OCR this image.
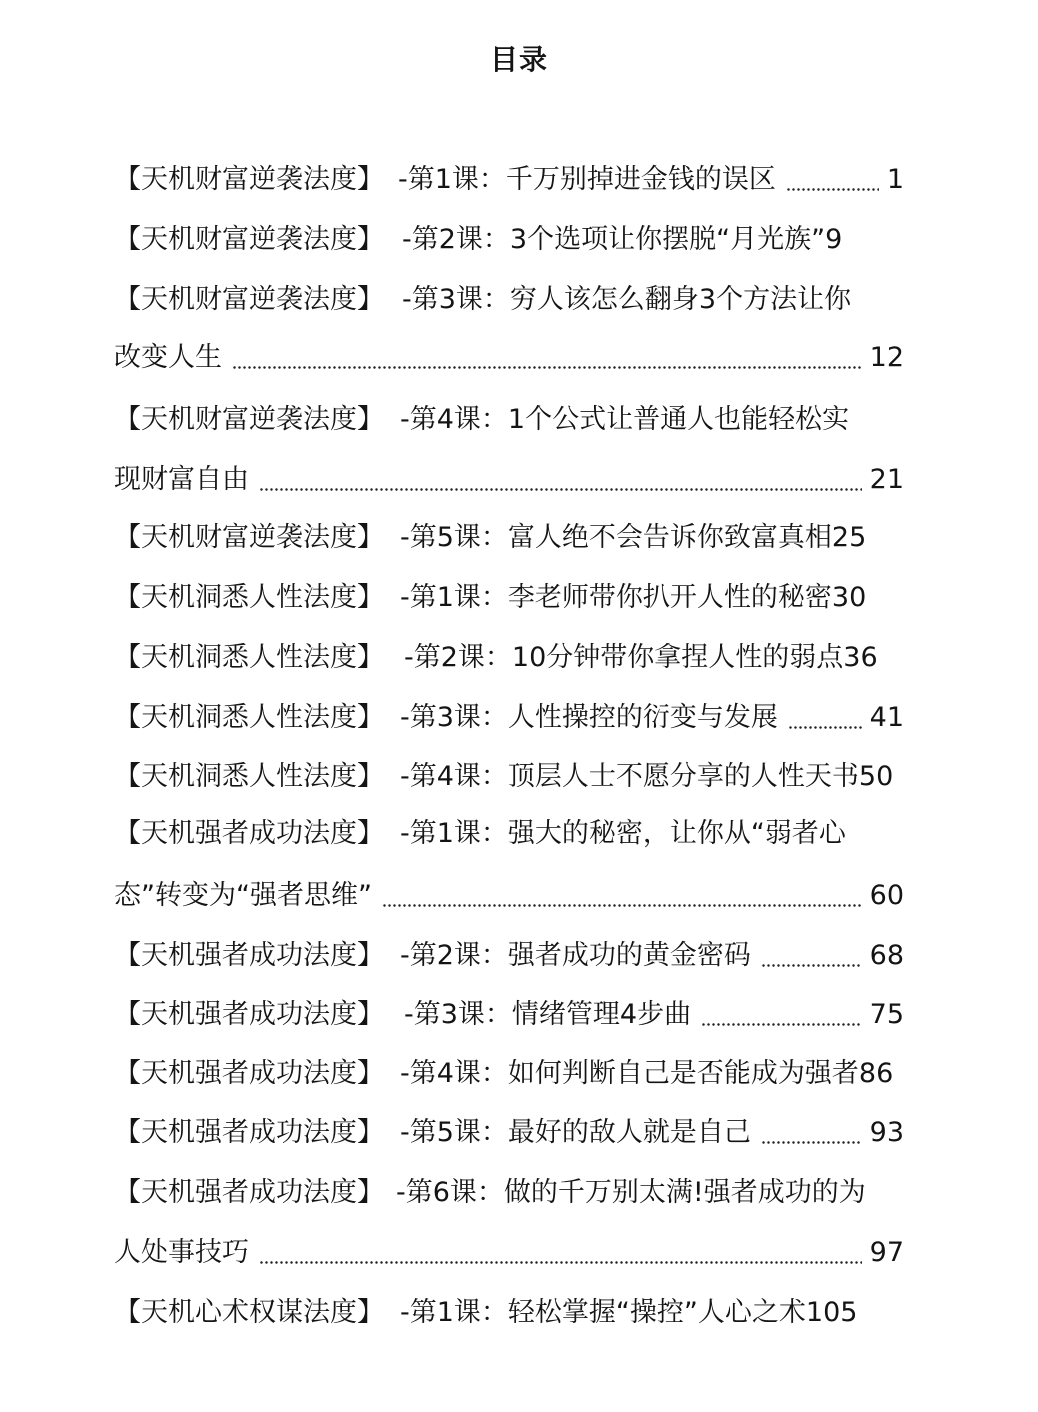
目录
【天机财富逆袭法度】 -第1课：千万别掉进金钱的误区	1
【天机财富逆袭法度】 -第2课：3个选项让你摆脱“月光族” 9
【天机财富逆袭法度】 -第3课：穷人该怎么翻身3个方法让你
改变人生	12
【天机财富逆袭法度】 -第4课：1个公式让普通人也能轻松实
现财富自由	21
【天机财富逆袭法度】 -第5课：富人绝不会告诉你致富真相 25
【天机洞悉人性法度】 -第1课：李老师带你扒开人性的秘密 30
【天机洞悉人性法度】 -第2课：10分钟带你拿捏人性的弱点 36
【天机洞悉人性法度】 -第3课：人性操控的衍变与发展	41
【天机洞悉人性法度】 -第4课：顶层人士不愿分享的人性天书 50
【天机强者成功法度】 -第1课：强大的秘密，让你从“弱者心
态”转变为“强者思维”	60
【天机强者成功法度】 -第2课：强者成功的黄金密码	68
【天机强者成功法度】 -第3课：情绪管理4步曲	75
【天机强者成功法度】 -第4课：如何判断自己是否能成为强者 86
【天机强者成功法度】 -第5课：最好的敌人就是自己	93
【天机强者成功法度】 -第6课：做的千万别太满!强者成功的为
人处事技巧	97
【天机心术权谋法度】 -第1课：轻松掌握“操控”人心之术 105
